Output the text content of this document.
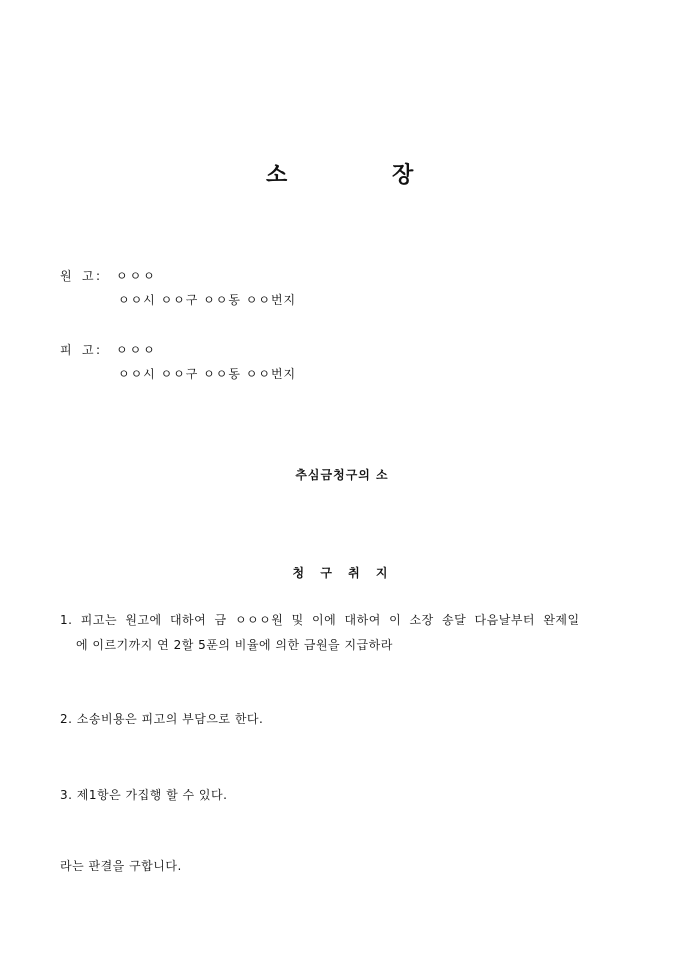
소	장
원 고 : ㅇㅇㅇ
ㅇㅇ시 ㅇㅇ구 ㅇㅇ동 ㅇㅇ번지
피 고 : ㅇㅇㅇ
ㅇㅇ시 ㅇㅇ구 ㅇㅇ동 ㅇㅇ번지
추심금청구의 소
청 구 취 지
1. 피고는 원고에 대하여 금 ㅇㅇㅇ원 및 이에 대하여 이 소장 송달 다음날부터 완제일
에 이르기까지 연 2할 5푼의 비율에 의한 금원을 지급하라
2. 소송비용은 피고의 부담으로 한다.
3. 제1항은 가집행 할 수 있다.
라는 판결을 구합니다.
